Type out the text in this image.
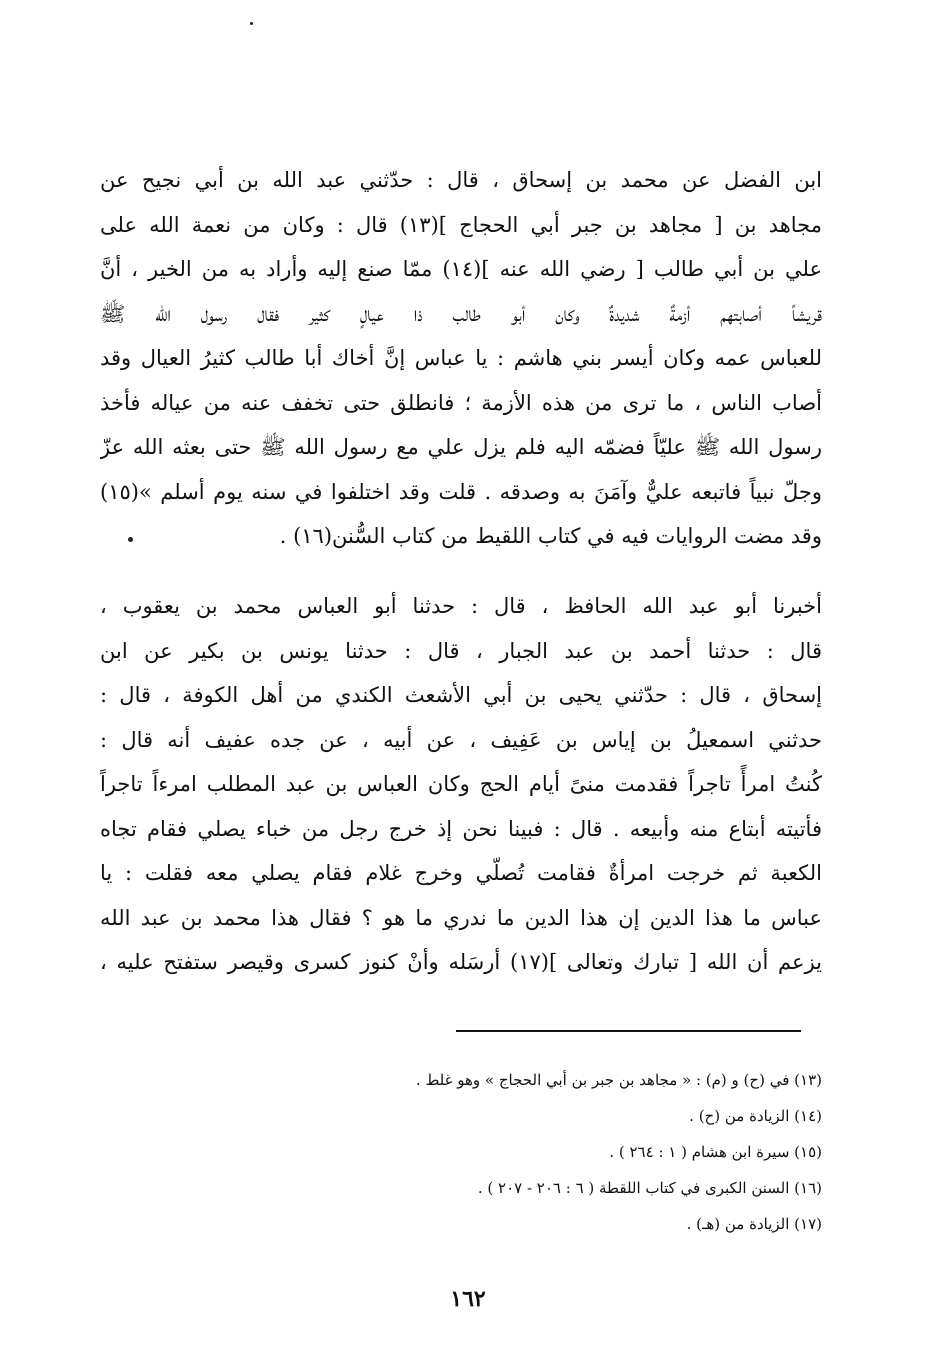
ابن الفضل عن محمد بن إسحاق ، قال : حدّثني عبد الله بن أبي نجيح عن
مجاهد بن [ مجاهد بن جبر أبي الحجاج ](١٣) قال : وكان من نعمة الله على
علي بن أبي طالب [ رضي الله عنه ](١٤) ممّا صنع إليه وأراد به من الخير ، أنَّ
قريشاً أصابتهم أزمةٌ شديدةٌ وكان أبو طالب ذا عيالٍ كثير فقال رسول الله ﷺ
للعباس عمه وكان أيسر بني هاشم : يا عباس إنَّ أخاك أبا طالب كثيرُ العيال وقد
أصاب الناس ، ما ترى من هذه الأزمة ؛ فانطلق حتى تخفف عنه من عياله فأخذ
رسول الله ﷺ عليّاً فضمّه اليه فلم يزل علي مع رسول الله ﷺ حتى بعثه الله عزّ
وجلّ نبياً فاتبعه عليٌّ وآمَنَ به وصدقه . قلت وقد اختلفوا في سنه يوم أسلم »(١٥)
وقد مضت الروايات فيه في كتاب اللقيط من كتاب السُّنن(١٦) .
أخبرنا أبو عبد الله الحافظ ، قال : حدثنا أبو العباس محمد بن يعقوب ،
قال : حدثنا أحمد بن عبد الجبار ، قال : حدثنا يونس بن بكير عن ابن
إسحاق ، قال : حدّثني يحيى بن أبي الأشعث الكندي من أهل الكوفة ، قال :
حدثني اسمعيلُ بن إياس بن عَفِيف ، عن أبيه ، عن جده عفيف أنه قال :
كُنتُ امرأً تاجراً فقدمت منىً أيام الحج وكان العباس بن عبد المطلب امرءاً تاجراً
فأتيته أبتاع منه وأبيعه . قال : فبينا نحن إذ خرج رجل من خباء يصلي فقام تجاه
الكعبة ثم خرجت امرأةٌ فقامت تُصلّي وخرج غلام فقام يصلي معه فقلت : يا
عباس ما هذا الدين إن هذا الدين ما ندري ما هو ؟ فقال هذا محمد بن عبد الله
يزعم أن الله [ تبارك وتعالى ](١٧) أرسَله وأنْ كنوز كسرى وقيصر ستفتح عليه ،
(١٣) في (ح) و (م) : « مجاهد بن جبر بن أبي الحجاج » وهو غلط .
(١٤) الزيادة من (ح) .
(١٥) سيرة ابن هشام ( ١ : ٢٦٤ ) .
(١٦) السنن الكبرى في كتاب اللقطة ( ٦ : ٢٠٦ - ٢٠٧ ) .
(١٧) الزيادة من (هـ) .
١٦٢
